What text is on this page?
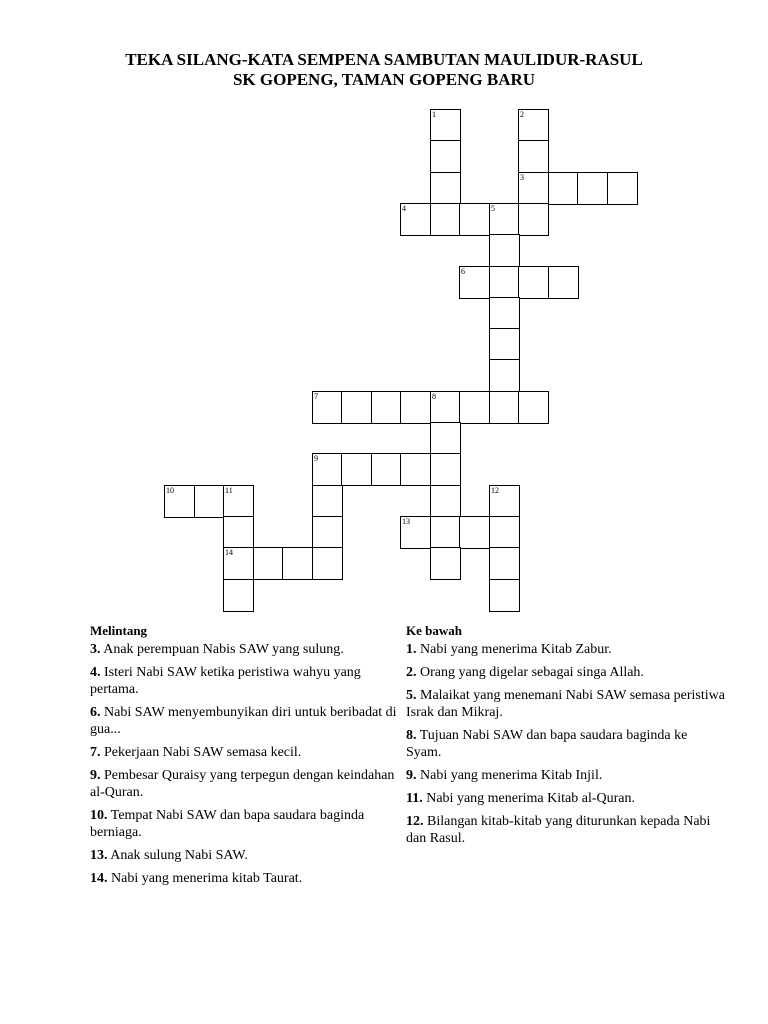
TEKA SILANG-KATA SEMPENA SAMBUTAN MAULIDUR-RASUL
SK GOPENG, TAMAN GOPENG BARU
1	2
3
4	5
6
7	8
9
10	11	12
13
14
Melintang
3. Anak perempuan Nabis SAW yang sulung.
4. Isteri Nabi SAW ketika peristiwa wahyu yang pertama.
6. Nabi SAW menyembunyikan diri untuk beribadat di gua...
7. Pekerjaan Nabi SAW semasa kecil.
9. Pembesar Quraisy yang terpegun dengan keindahan al-Quran.
10. Tempat Nabi SAW dan bapa saudara baginda berniaga.
13. Anak sulung Nabi SAW.
14. Nabi yang menerima kitab Taurat.
Ke bawah
1. Nabi yang menerima Kitab Zabur.
2. Orang yang digelar sebagai singa Allah.
5. Malaikat yang menemani Nabi SAW semasa peristiwa Israk dan Mikraj.
8. Tujuan Nabi SAW dan bapa saudara baginda ke Syam.
9. Nabi yang menerima Kitab Injil.
11. Nabi yang menerima Kitab al-Quran.
12. Bilangan kitab-kitab yang diturunkan kepada Nabi dan Rasul.
